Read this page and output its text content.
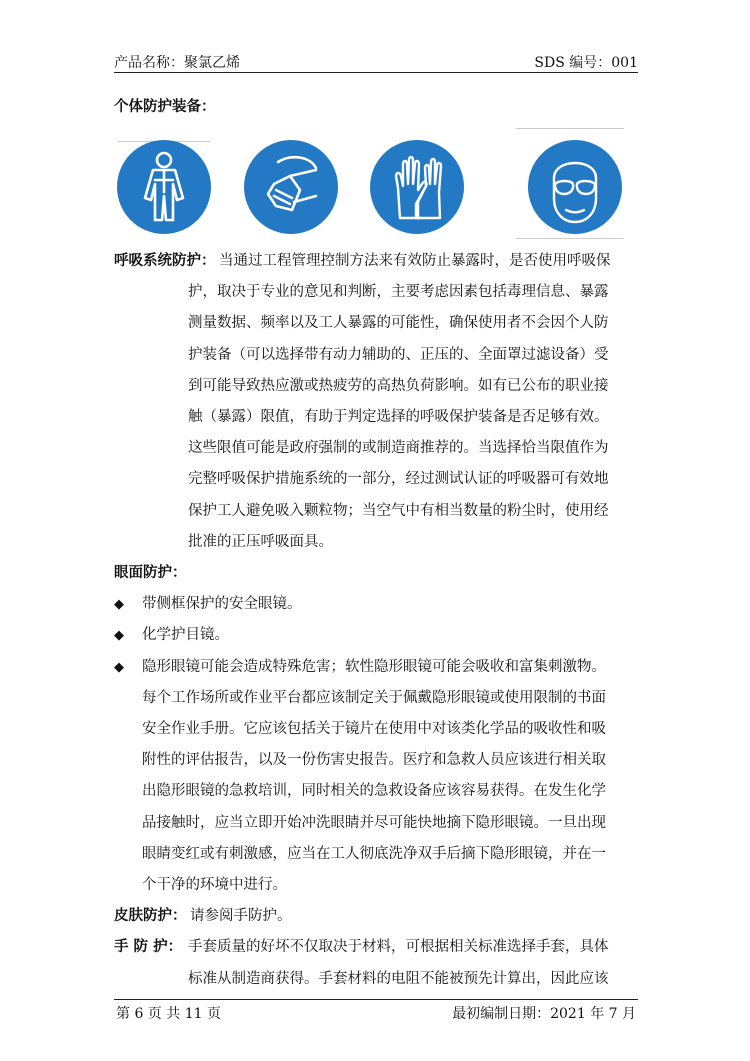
产品名称：聚氯乙烯	SDS 编号：001
个体防护装备：
呼吸系统防护： 当通过工程管理控制方法来有效防止暴露时，是否使用呼吸保
护，取决于专业的意见和判断，主要考虑因素包括毒理信息、暴露
测量数据、频率以及工人暴露的可能性，确保使用者不会因个人防
护装备（可以选择带有动力辅助的、正压的、全面罩过滤设备）受
到可能导致热应激或热疲劳的高热负荷影响。如有已公布的职业接
触（暴露）限值，有助于判定选择的呼吸保护装备是否足够有效。
这些限值可能是政府强制的或制造商推荐的。当选择恰当限值作为
完整呼吸保护措施系统的一部分，经过测试认证的呼吸器可有效地
保护工人避免吸入颗粒物；当空气中有相当数量的粉尘时，使用经
批准的正压呼吸面具。
眼面防护：
◆ 带侧框保护的安全眼镜。
◆ 化学护目镜。
◆ 隐形眼镜可能会造成特殊危害；软性隐形眼镜可能会吸收和富集刺激物。
每个工作场所或作业平台都应该制定关于佩戴隐形眼镜或使用限制的书面
安全作业手册。它应该包括关于镜片在使用中对该类化学品的吸收性和吸
附性的评估报告，以及一份伤害史报告。医疗和急救人员应该进行相关取
出隐形眼镜的急救培训，同时相关的急救设备应该容易获得。在发生化学
品接触时，应当立即开始冲洗眼睛并尽可能快地摘下隐形眼镜。一旦出现
眼睛变红或有刺激感，应当在工人彻底洗净双手后摘下隐形眼镜，并在一
个干净的环境中进行。
皮肤防护： 请参阅手防护。
手 防 护： 手套质量的好坏不仅取决于材料，可根据相关标准选择手套，具体
标准从制造商获得。手套材料的电阻不能被预先计算出，因此应该
第 6 页 共 11 页	最初编制日期：2021 年 7 月
